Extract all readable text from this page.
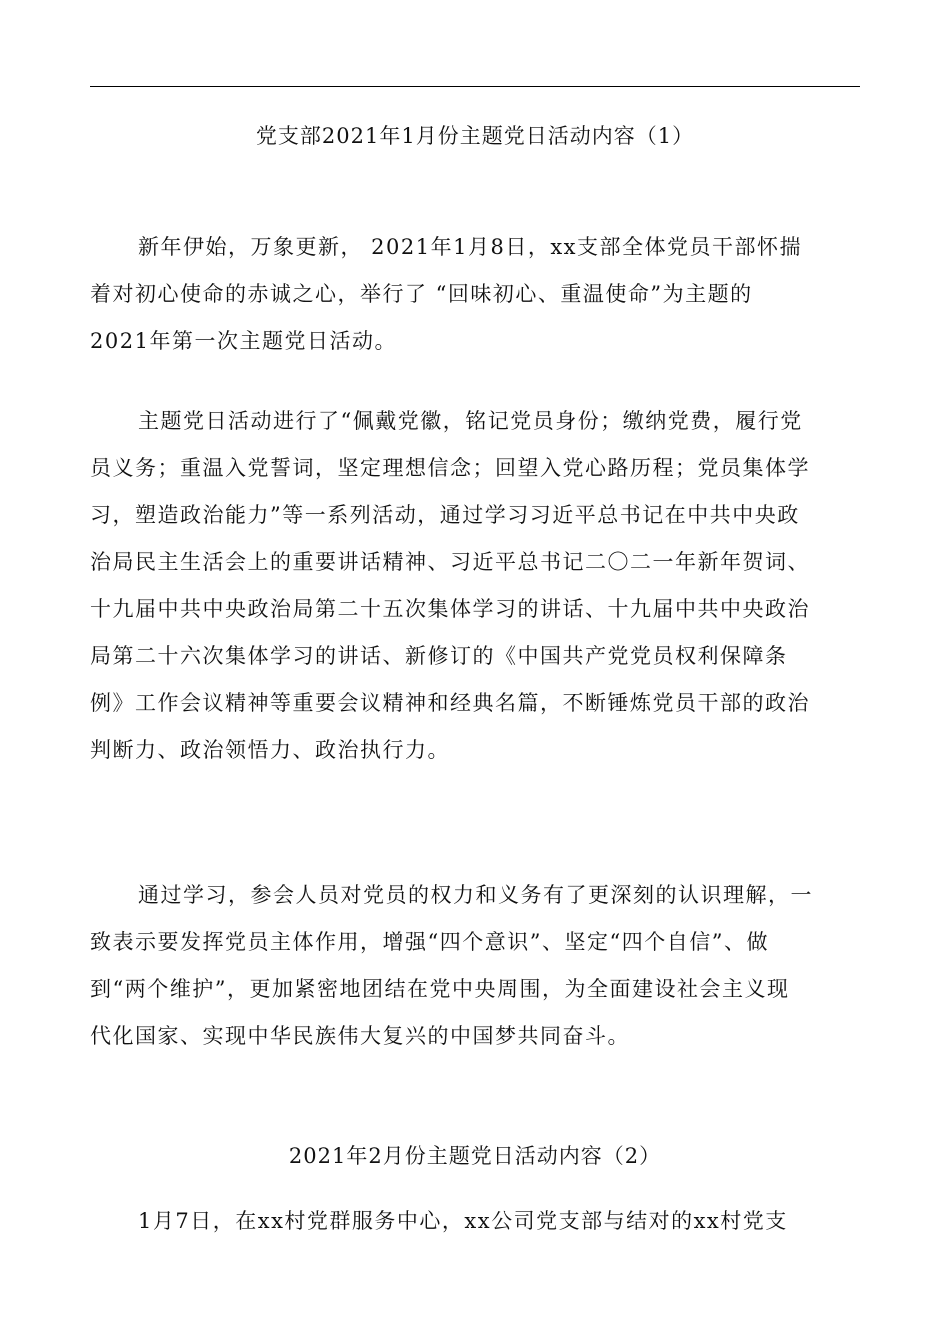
党支部2021年1月份主题党日活动内容（1）
新年伊始，万象更新， 2021年1月8日，xx支部全体党员干部怀揣
着对初心使命的赤诚之心，举行了 “回味初心、重温使命”为主题的
2021年第一次主题党日活动。
主题党日活动进行了“佩戴党徽，铭记党员身份；缴纳党费，履行党
员义务；重温入党誓词，坚定理想信念；回望入党心路历程；党员集体学
习，塑造政治能力”等一系列活动，通过学习习近平总书记在中共中央政
治局民主生活会上的重要讲话精神、习近平总书记二〇二一年新年贺词、
十九届中共中央政治局第二十五次集体学习的讲话、十九届中共中央政治
局第二十六次集体学习的讲话、新修订的《中国共产党党员权利保障条
例》工作会议精神等重要会议精神和经典名篇，不断锤炼党员干部的政治
判断力、政治领悟力、政治执行力。
通过学习，参会人员对党员的权力和义务有了更深刻的认识理解，一
致表示要发挥党员主体作用，增强“四个意识”、坚定“四个自信”、做
到“两个维护”，更加紧密地团结在党中央周围，为全面建设社会主义现
代化国家、实现中华民族伟大复兴的中国梦共同奋斗。
2021年2月份主题党日活动内容（2）
1月7日，在xx村党群服务中心，xx公司党支部与结对的xx村党支
